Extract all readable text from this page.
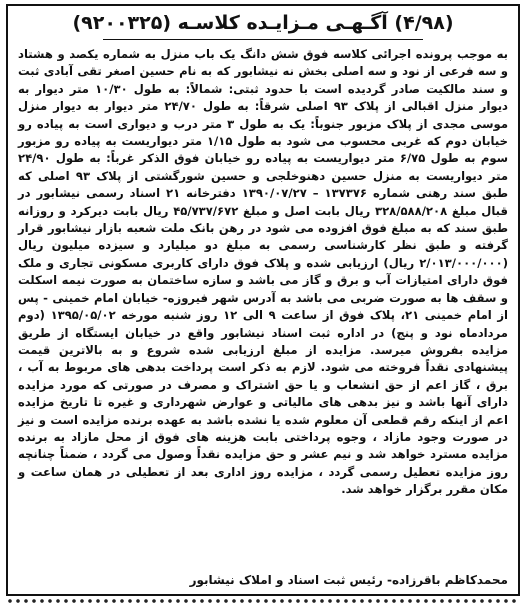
(۴/۹۸) آگـهـی مـزایـده کلاسـه (۹۲۰۰۳۲۵)
به موجب پرونده اجرائی کلاسه فوق شش دانگ یک باب منزل به شماره یکصد و هشتاد و سه فرعی از نود و سه اصلی بخش نه نیشابور که به نام حسین اصغر تقی آبادی ثبت و سند مالکیت صادر گردیده است با حدود ثبتی: شمالاً: به طول ۱۰/۳۰ متر دیوار به دیوار منزل اقبالی از پلاک ۹۳ اصلی شرقاً: به طول ۲۴/۷۰ متر دیوار به دیوار منزل موسی مجدی از پلاک مزبور جنوباً: یک به طول ۳ متر درب و دیواری است به پیاده رو خیابان دوم که غربی محسوب می شود به طول ۱/۱۵ متر دیواریست به پیاده رو مزبور سوم به طول ۶/۷۵ متر دیواریست به پیاده رو خیابان فوق الذکر غرباً: به طول ۲۴/۹۰ متر دیواریست به منزل حسین دهنوخلجی و حسین شورگشتی از پلاک ۹۳ اصلی که طبق سند رهنی شماره ۱۳۷۳۷۶ – ۱۳۹۰/۰۷/۲۷ دفترخانه ۲۱ اسناد رسمی نیشابور در قبال مبلغ ۳۲۸/۵۸۸/۲۰۸ ریال بابت اصل و مبلغ ۴۵/۷۳۷/۶۷۲ ریال بابت دیرکرد و روزانه طبق سند که به مبلغ فوق افزوده می شود در رهن بانک ملت شعبه بازار نیشابور قرار گرفته و طبق نظر کارشناسی رسمی به مبلغ دو میلیارد و سیزده میلیون ریال (۲/۰۱۳/۰۰۰/۰۰۰ ریال) ارزیابی شده و پلاک فوق دارای کاربری مسکونی تجاری و ملک فوق دارای امتیازات آب و برق و گاز می باشد و سازه ساختمان به صورت نیمه اسکلت و سقف ها به صورت ضربی می باشد به آدرس شهر فیروزه- خیابان امام خمینی - پس از امام خمینی ۲۱، پلاک فوق از ساعت ۹ الی ۱۲ روز شنبه مورخه ۱۳۹۵/۰۵/۰۲ (دوم مردادماه نود و پنج) در اداره ثبت اسناد نیشابور واقع در خیابان ایستگاه از طریق مزایده بفروش میرسد. مزایده از مبلغ ارزیابی شده شروع و به بالاترین قیمت پیشنهادی نقداً فروخته می شود. لازم به ذکر است پرداخت بدهی های مربوط به آب ، برق ، گاز اعم از حق انشعاب و یا حق اشتراک و مصرف در صورتی که مورد مزایده دارای آنها باشد و نیز بدهی های مالیاتی و عوارض شهرداری و غیره تا تاریخ مزایده اعم از اینکه رقم قطعی آن معلوم شده یا نشده باشد به عهده برنده مزایده است و نیز در صورت وجود مازاد ، وجوه پرداختی بابت هزینه های فوق از محل مازاد به برنده مزایده مسترد خواهد شد و نیم عشر و حق مزایده نقداً وصول می گردد ، ضمناً چنانچه روز مزایده تعطیل رسمی گردد ، مزایده روز اداری بعد از تعطیلی در همان ساعت و مکان مقرر برگزار خواهد شد.
محمدکاظم باقرزاده- رئیس ثبت اسناد و املاک نیشابور
